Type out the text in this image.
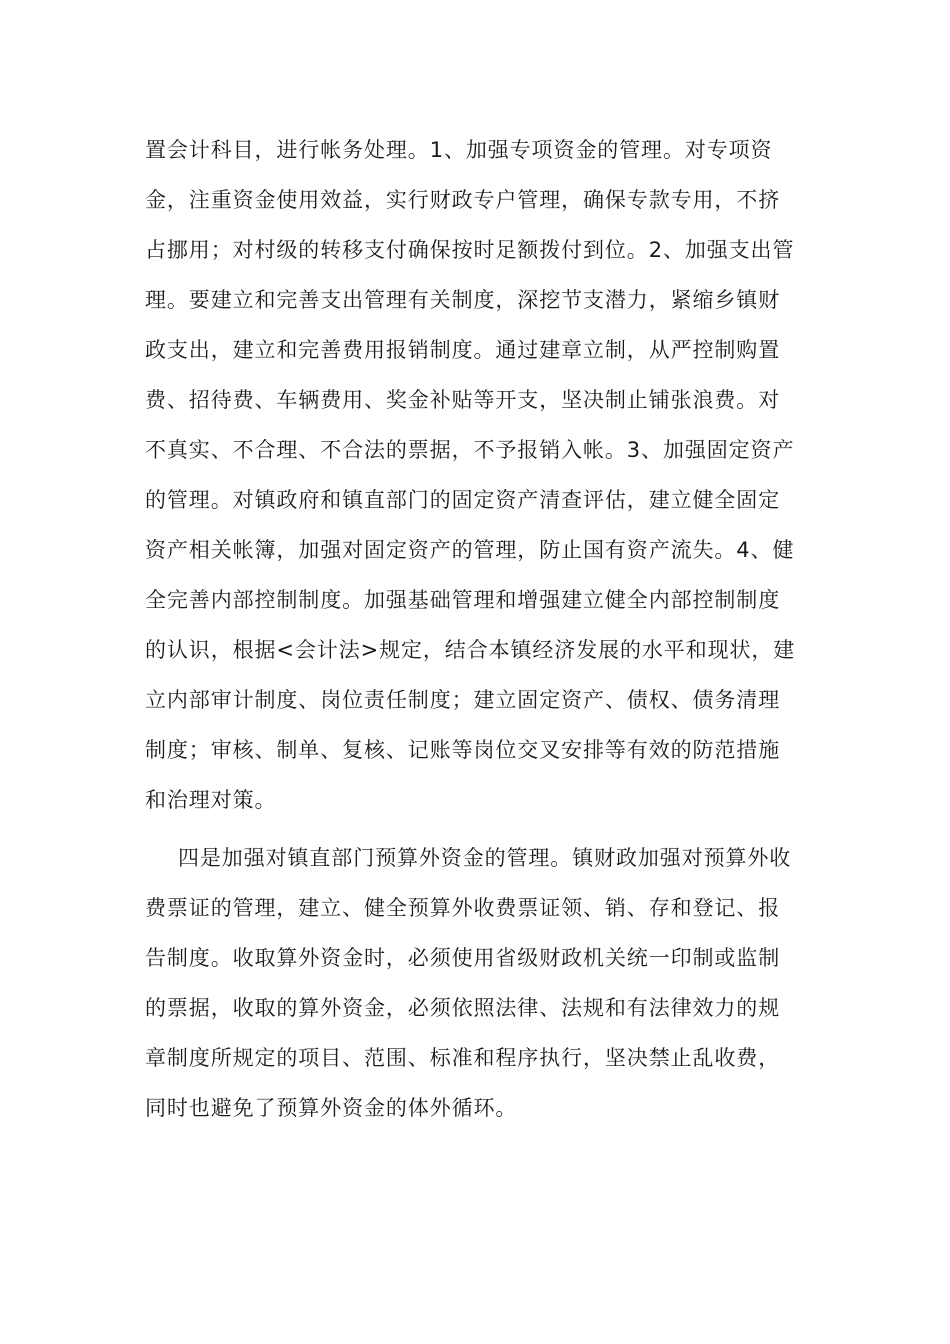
置会计科目，进行帐务处理。1、加强专项资金的管理。对专项资
金，注重资金使用效益，实行财政专户管理，确保专款专用，不挤
占挪用；对村级的转移支付确保按时足额拨付到位。2、加强支出管
理。要建立和完善支出管理有关制度，深挖节支潜力，紧缩乡镇财
政支出，建立和完善费用报销制度。通过建章立制，从严控制购置
费、招待费、车辆费用、奖金补贴等开支，坚决制止铺张浪费。对
不真实、不合理、不合法的票据，不予报销入帐。3、加强固定资产
的管理。对镇政府和镇直部门的固定资产清查评估，建立健全固定
资产相关帐簿，加强对固定资产的管理，防止国有资产流失。4、健
全完善内部控制制度。加强基础管理和增强建立健全内部控制制度
的认识，根据<会计法>规定，结合本镇经济发展的水平和现状，建
立内部审计制度、岗位责任制度；建立固定资产、债权、债务清理
制度；审核、制单、复核、记账等岗位交叉安排等有效的防范措施
和治理对策。
四是加强对镇直部门预算外资金的管理。镇财政加强对预算外收
费票证的管理，建立、健全预算外收费票证领、销、存和登记、报
告制度。收取算外资金时，必须使用省级财政机关统一印制或监制
的票据，收取的算外资金，必须依照法律、法规和有法律效力的规
章制度所规定的项目、范围、标准和程序执行，坚决禁止乱收费，
同时也避免了预算外资金的体外循环。
